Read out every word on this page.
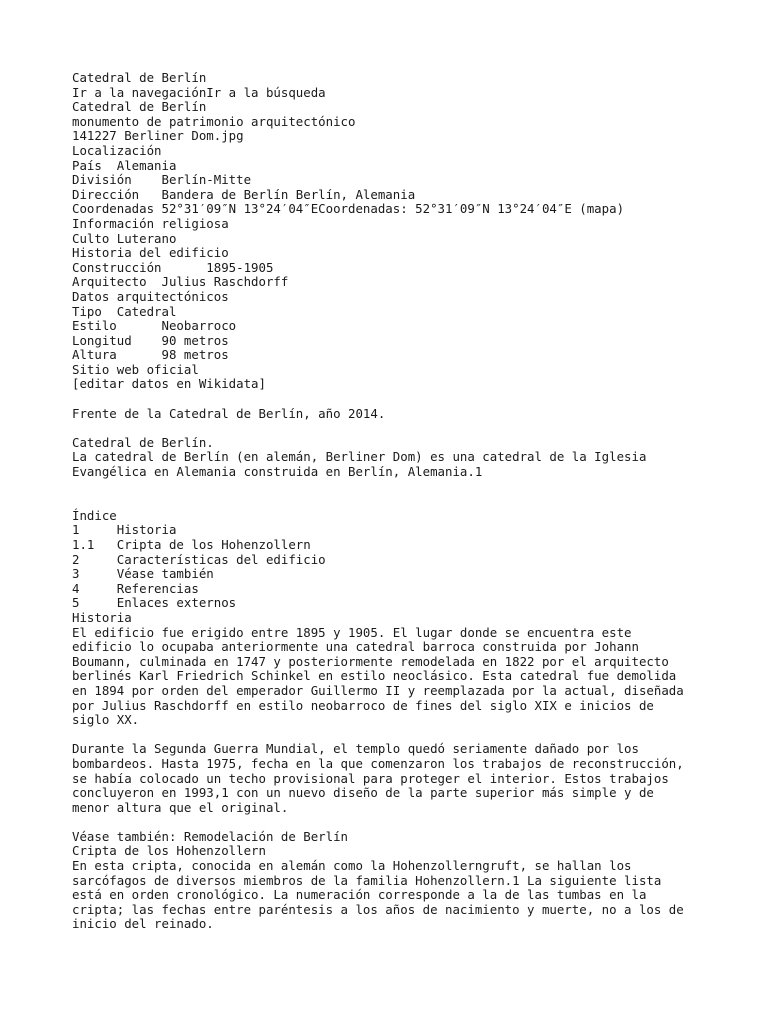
Catedral de Berlín
Ir a la navegaciónIr a la búsqueda
Catedral de Berlín
monumento de patrimonio arquitectónico
141227 Berliner Dom.jpg
Localización
País  Alemania
División    Berlín-Mitte
Dirección   Bandera de Berlín Berlín, Alemania
Coordenadas 52°31′09″N 13°24′04″ECoordenadas: 52°31′09″N 13°24′04″E (mapa)
Información religiosa
Culto Luterano
Historia del edificio
Construcción      1895-1905
Arquitecto  Julius Raschdorff
Datos arquitectónicos
Tipo  Catedral
Estilo      Neobarroco
Longitud    90 metros
Altura      98 metros
Sitio web oficial
[editar datos en Wikidata]
Frente de la Catedral de Berlín, año 2014.
Catedral de Berlín.
La catedral de Berlín (en alemán, Berliner Dom) es una catedral de la Iglesia
Evangélica en Alemania construida en Berlín, Alemania.1
Índice
1     Historia
1.1   Cripta de los Hohenzollern
2     Características del edificio
3     Véase también
4     Referencias
5     Enlaces externos
Historia
El edificio fue erigido entre 1895 y 1905. El lugar donde se encuentra este
edificio lo ocupaba anteriormente una catedral barroca construida por Johann
Boumann, culminada en 1747 y posteriormente remodelada en 1822 por el arquitecto
berlinés Karl Friedrich Schinkel en estilo neoclásico. Esta catedral fue demolida
en 1894 por orden del emperador Guillermo II y reemplazada por la actual, diseñada
por Julius Raschdorff en estilo neobarroco de fines del siglo XIX e inicios de
siglo XX.
Durante la Segunda Guerra Mundial, el templo quedó seriamente dañado por los
bombardeos. Hasta 1975, fecha en la que comenzaron los trabajos de reconstrucción,
se había colocado un techo provisional para proteger el interior. Estos trabajos
concluyeron en 1993,1 con un nuevo diseño de la parte superior más simple y de
menor altura que el original.
Véase también: Remodelación de Berlín
Cripta de los Hohenzollern
En esta cripta, conocida en alemán como la Hohenzollerngruft, se hallan los
sarcófagos de diversos miembros de la familia Hohenzollern.1 La siguiente lista
está en orden cronológico. La numeración corresponde a la de las tumbas en la
cripta; las fechas entre paréntesis a los años de nacimiento y muerte, no a los de
inicio del reinado.
